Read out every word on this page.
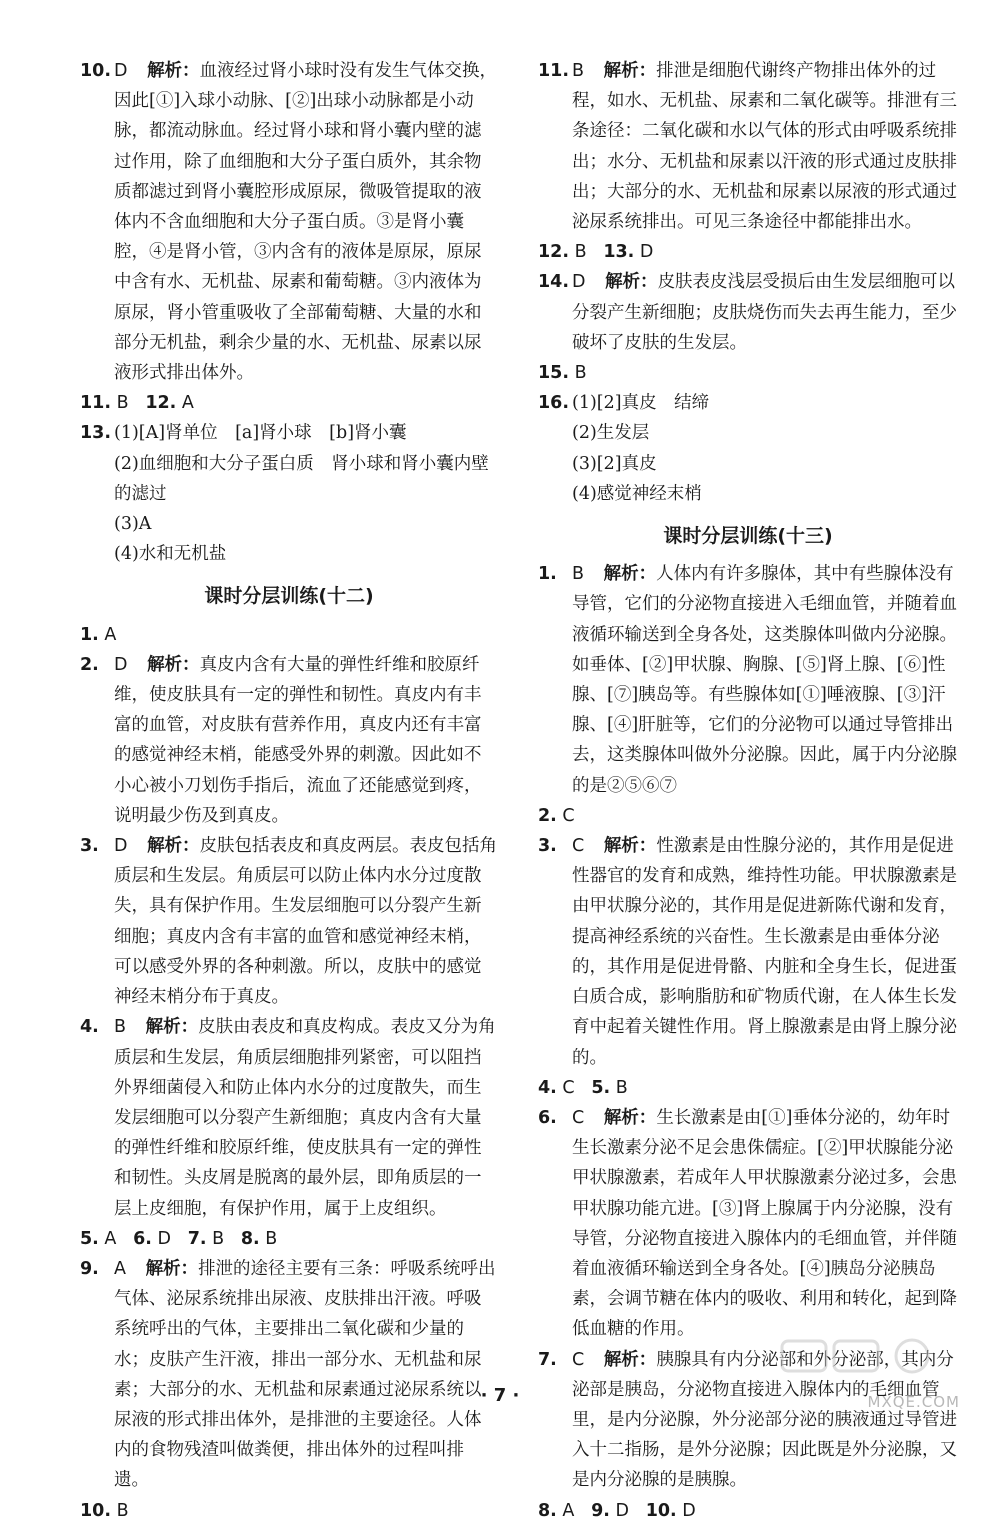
10. D 解析：血液经过肾小球时没有发生气体交换，因此[①]入球小动脉、[②]出球小动脉都是小动脉，都流动脉血。经过肾小球和肾小囊内壁的滤过作用，除了血细胞和大分子蛋白质外，其余物质都滤过到肾小囊腔形成原尿，微吸管提取的液体内不含血细胞和大分子蛋白质。③是肾小囊腔，④是肾小管，③内含有的液体是原尿，原尿中含有水、无机盐、尿素和葡萄糖。③内液体为原尿，肾小管重吸收了全部葡萄糖、大量的水和部分无机盐，剩余少量的水、无机盐、尿素以尿液形式排出体外。

11. B 12. A

13. (1)[A]肾单位　[a]肾小球　[b]肾小囊

(2)血细胞和大分子蛋白质　肾小球和肾小囊内壁的滤过

(3)A

(4)水和无机盐

课时分层训练(十二)

1. A

2. D 解析：真皮内含有大量的弹性纤维和胶原纤维，使皮肤具有一定的弹性和韧性。真皮内有丰富的血管，对皮肤有营养作用，真皮内还有丰富的感觉神经末梢，能感受外界的刺激。因此如不小心被小刀划伤手指后，流血了还能感觉到疼，说明最少伤及到真皮。
3. D 解析：皮肤包括表皮和真皮两层。表皮包括角质层和生发层。角质层可以防止体内水分过度散失，具有保护作用。生发层细胞可以分裂产生新细胞；真皮内含有丰富的血管和感觉神经末梢，可以感受外界的各种刺激。所以，皮肤中的感觉神经末梢分布于真皮。
4. B 解析：皮肤由表皮和真皮构成。表皮又分为角质层和生发层，角质层细胞排列紧密，可以阻挡外界细菌侵入和防止体内水分的过度散失，而生发层细胞可以分裂产生新细胞；真皮内含有大量的弹性纤维和胶原纤维，使皮肤具有一定的弹性和韧性。头皮屑是脱离的最外层，即角质层的一层上皮细胞，有保护作用，属于上皮组织。

5. A 6. D 7. B 8. B

9. A 解析：排泄的途径主要有三条：呼吸系统呼出气体、泌尿系统排出尿液、皮肤排出汗液。呼吸系统呼出的气体，主要排出二氧化碳和少量的水；皮肤产生汗液，排出一部分水、无机盐和尿素；大部分的水、无机盐和尿素通过泌尿系统以尿液的形式排出体外，是排泄的主要途径。人体内的食物残渣叫做粪便，排出体外的过程叫排遗。

10. B

11. B 解析：排泄是细胞代谢终产物排出体外的过程，如水、无机盐、尿素和二氧化碳等。排泄有三条途径：二氧化碳和水以气体的形式由呼吸系统排出；水分、无机盐和尿素以汗液的形式通过皮肤排出；大部分的水、无机盐和尿素以尿液的形式通过泌尿系统排出。可见三条途径中都能排出水。

12. B 13. D

14. D 解析：皮肤表皮浅层受损后由生发层细胞可以分裂产生新细胞；皮肤烧伤而失去再生能力，至少破坏了皮肤的生发层。

15. B

16. (1)[2]真皮　结缔

(2)生发层

(3)[2]真皮

(4)感觉神经末梢

课时分层训练(十三)
1. B 解析：人体内有许多腺体，其中有些腺体没有导管，它们的分泌物直接进入毛细血管，并随着血液循环输送到全身各处，这类腺体叫做内分泌腺。如垂体、[②]甲状腺、胸腺、[⑤]肾上腺、[⑥]性腺、[⑦]胰岛等。有些腺体如[①]唾液腺、[③]汗腺、[④]肝脏等，它们的分泌物可以通过导管排出去，这类腺体叫做外分泌腺。因此，属于内分泌腺的是②⑤⑥⑦

2. C

3. C 解析：性激素是由性腺分泌的，其作用是促进性器官的发育和成熟，维持性功能。甲状腺激素是由甲状腺分泌的，其作用是促进新陈代谢和发育，提高神经系统的兴奋性。生长激素是由垂体分泌的，其作用是促进骨骼、内脏和全身生长，促进蛋白质合成，影响脂肪和矿物质代谢，在人体生长发育中起着关键性作用。肾上腺激素是由肾上腺分泌的。

4. C 5. B

6. C 解析：生长激素是由[①]垂体分泌的，幼年时生长激素分泌不足会患侏儒症。[②]甲状腺能分泌甲状腺激素，若成年人甲状腺激素分泌过多，会患甲状腺功能亢进。[③]肾上腺属于内分泌腺，没有导管，分泌物直接进入腺体内的毛细血管，并伴随着血液循环输送到全身各处。[④]胰岛分泌胰岛素，会调节糖在体内的吸收、利用和转化，起到降低血糖的作用。
7. C 解析：胰腺具有内分泌部和外分泌部，其内分泌部是胰岛，分泌物直接进入腺体内的毛细血管里，是内分泌腺，外分泌部分泌的胰液通过导管进入十二指肠，是外分泌腺；因此既是外分泌腺，又是内分泌腺的是胰腺。

8. A 9. D 10. D

· 7 ·	MXQE.COM
